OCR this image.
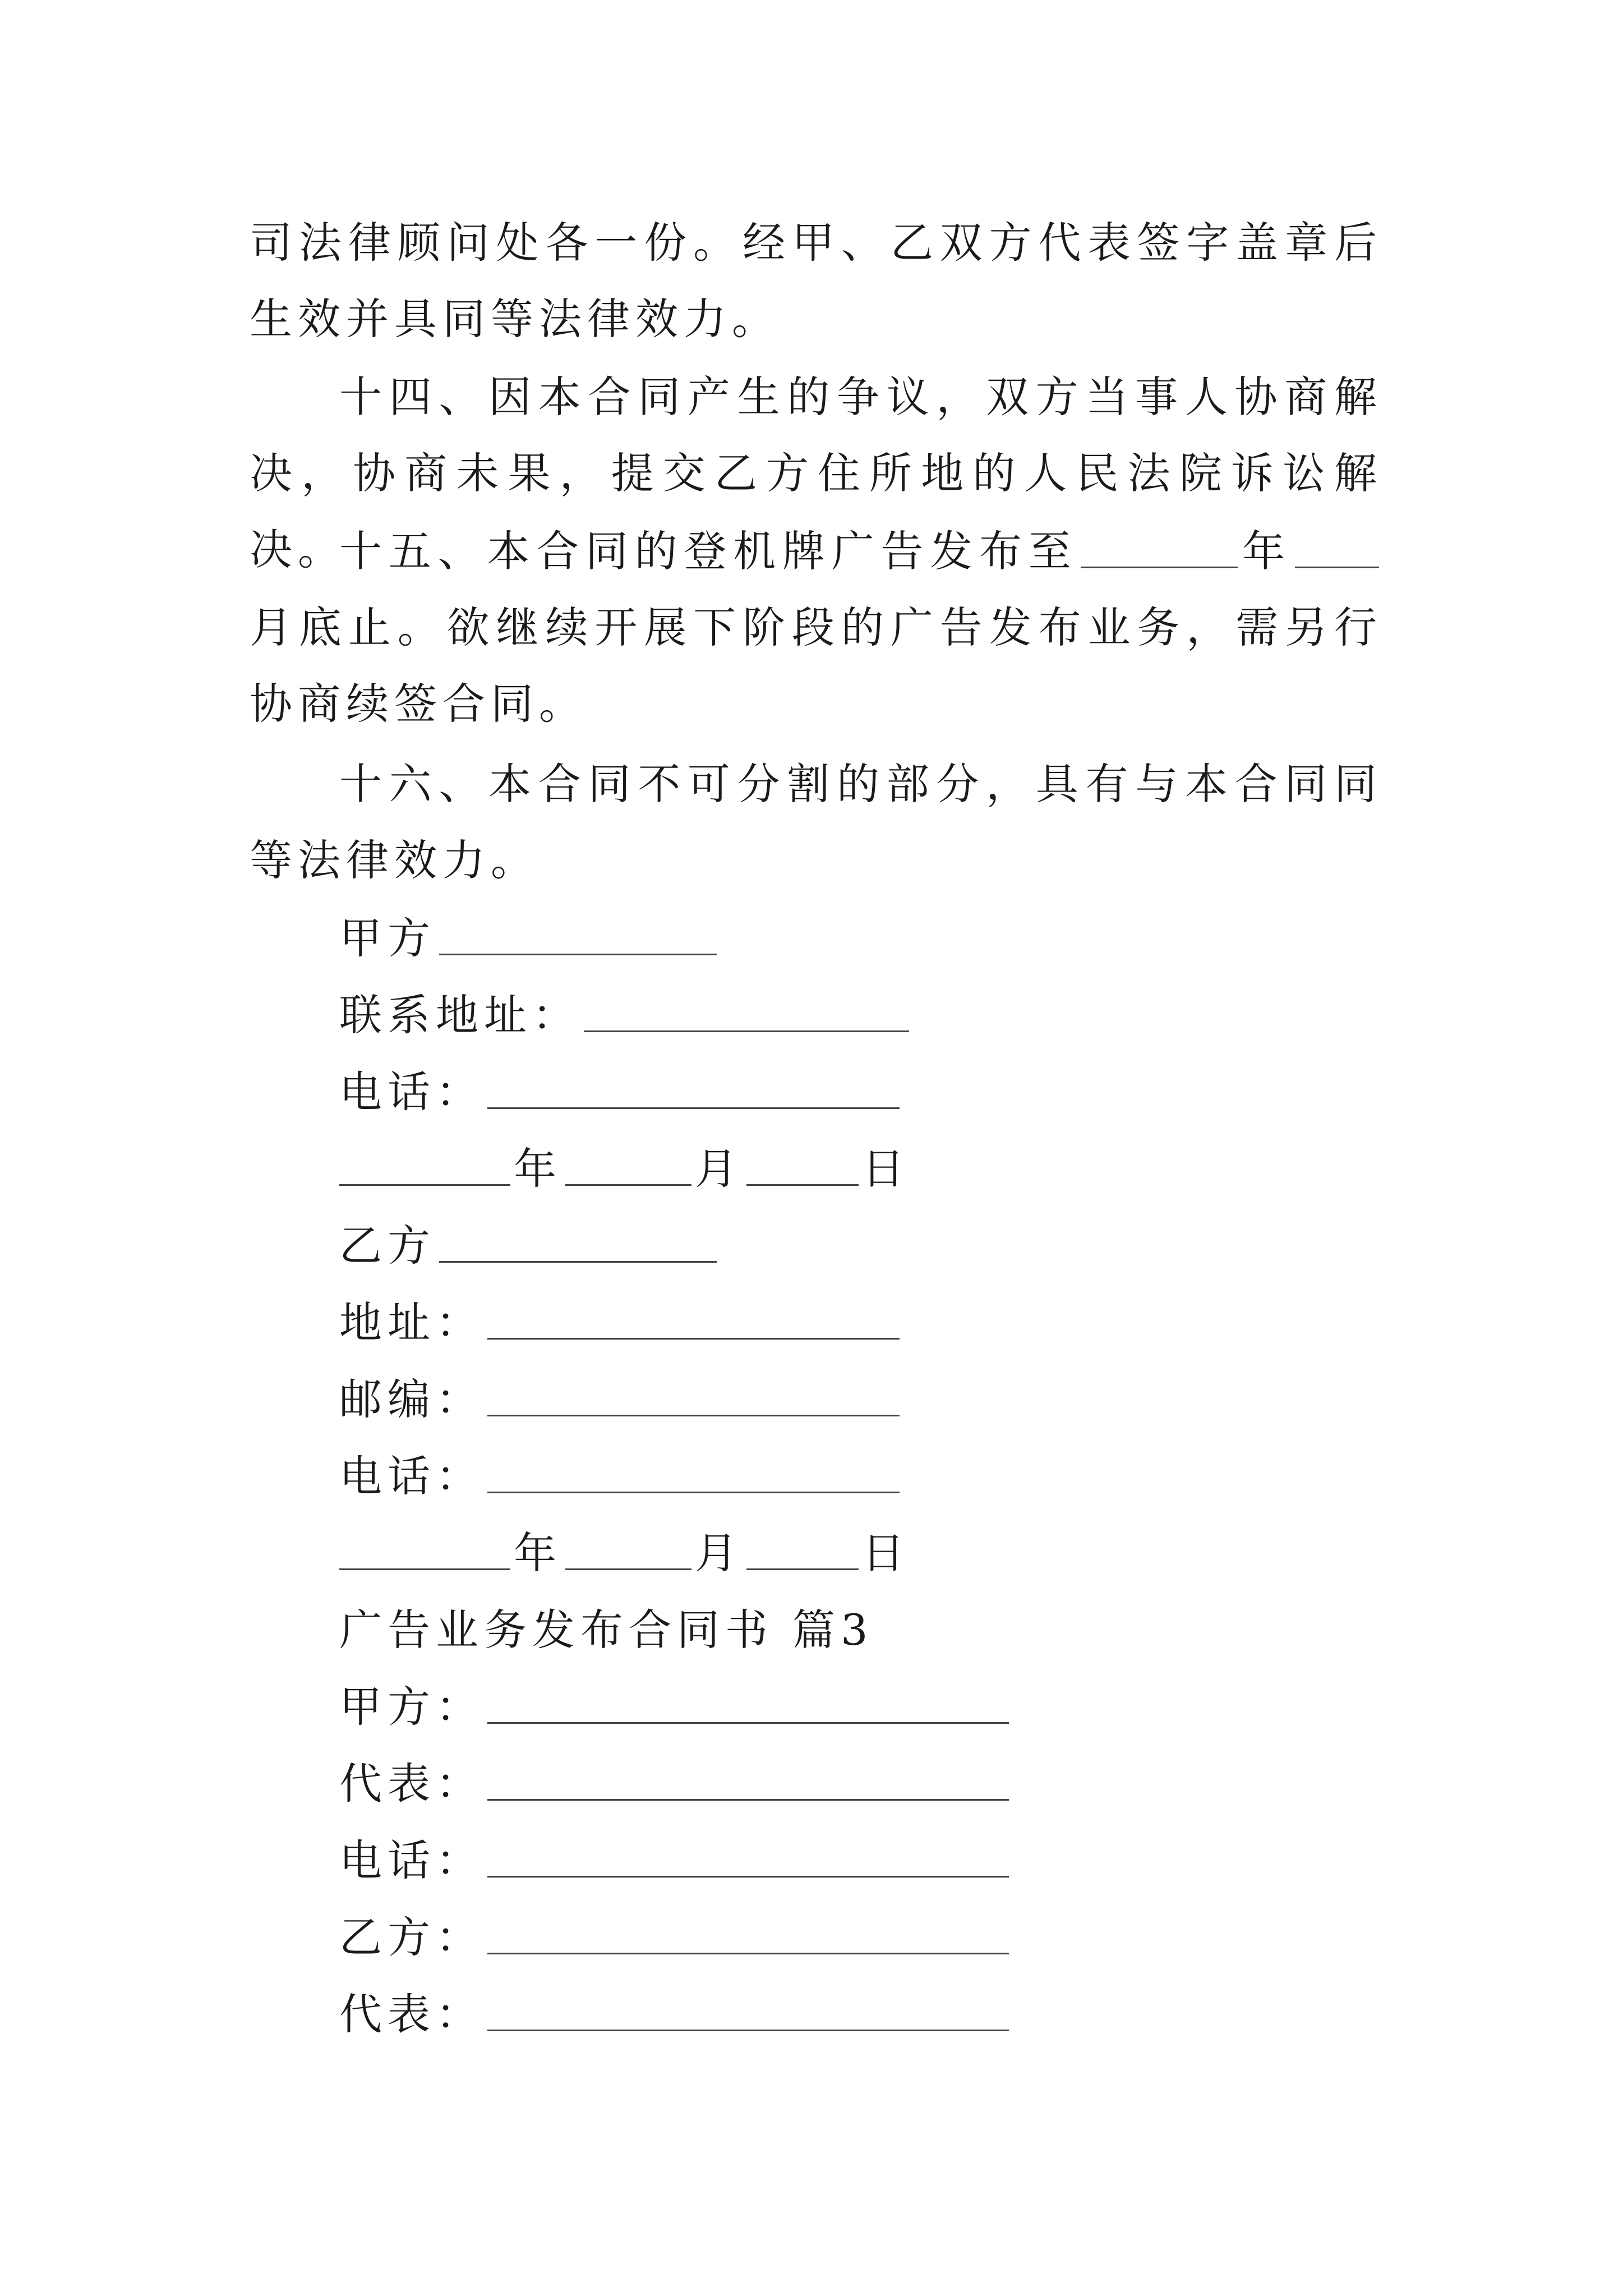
司法律顾问处各一份。经甲、乙双方代表签字盖章后生效并具同等法律效力。

十四、因本合同产生的争议，双方当事人协商解决，协商未果，提交乙方住所地的人民法院诉讼解决。

十五、本合同的登机牌广告发布至	年月底止。欲继续开展下阶段的广告发布业务，需另行协商续签合同。

十六、本合同不可分割的部分，具有与本合同同等法律效力。

甲方
联系地址：
电话：
年	月	日
乙方
地址：
邮编：
电话：
年	月	日
广告业务发布合同书 篇3
甲方：
代表：
电话：
乙方：
代表：
